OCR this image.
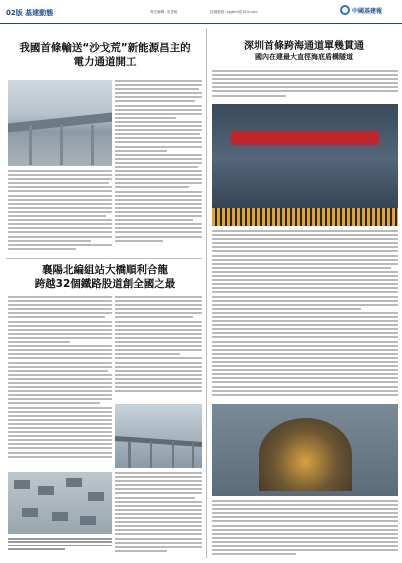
02版 基建動態	責任編輯: 黃思敏	投稿郵箱: zgjbhk@163.com	中國基建報
我國首條輸送“沙戈荒”新能源昌主的
電力通道開工
襄陽北編組站大橋順利合龍
跨越32個鐵路股道創全國之最
深圳首條跨海通道單幾貫通
國內在建最大直徑海底盾構隧道
